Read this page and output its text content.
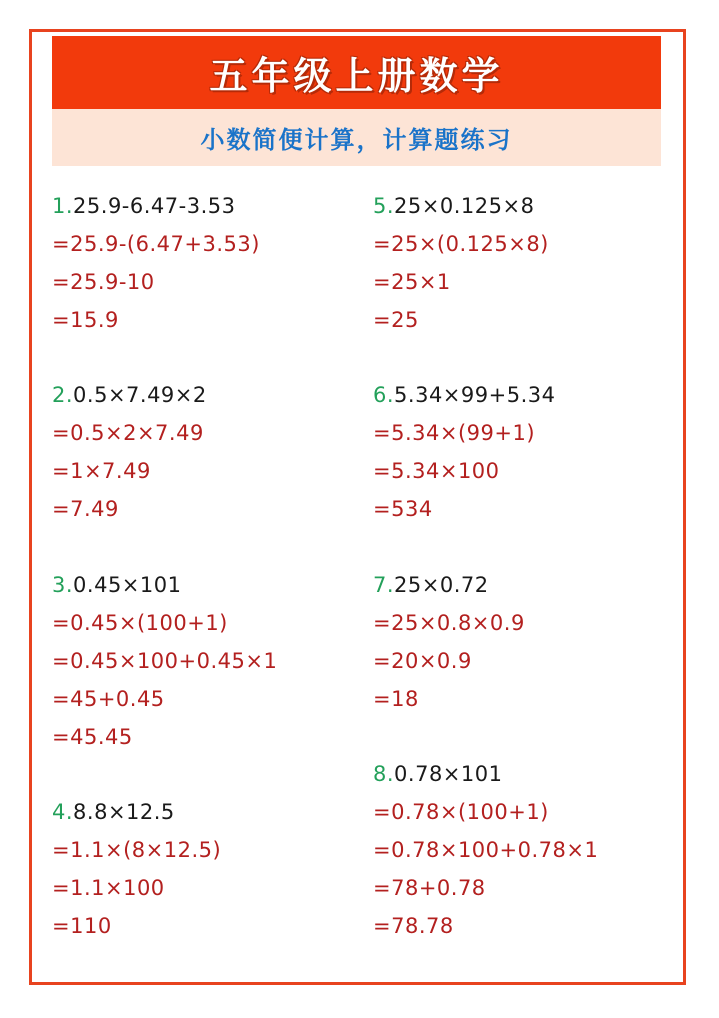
五年级上册数学
小数简便计算，计算题练习
1.25.9-6.47-3.53
=25.9-(6.47+3.53)
=25.9-10
=15.9
2.0.5×7.49×2
=0.5×2×7.49
=1×7.49
=7.49
3.0.45×101
=0.45×(100+1)
=0.45×100+0.45×1
=45+0.45
=45.45
4.8.8×12.5
=1.1×(8×12.5)
=1.1×100
=110
5.25×0.125×8
=25×(0.125×8)
=25×1
=25
6.5.34×99+5.34
=5.34×(99+1)
=5.34×100
=534
7.25×0.72
=25×0.8×0.9
=20×0.9
=18
8.0.78×101
=0.78×(100+1)
=0.78×100+0.78×1
=78+0.78
=78.78
